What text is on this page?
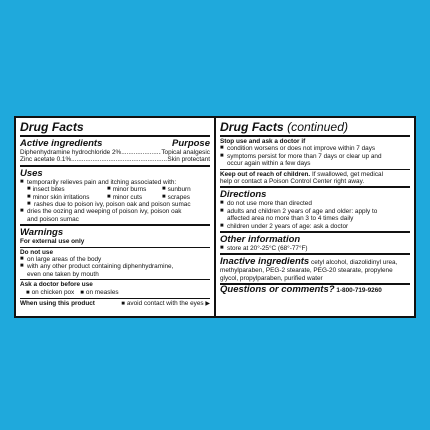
Drug Facts
Active ingredients	Purpose
Diphenhydramine hydrochloride 2% .....	Topical analgesic
Zinc acetate 0.1% .....	Skin protectant
Uses
■ temporarily relieves pain and itching associated with:
■ insect bites	■ minor burns	■ sunburn
■ minor skin irritations	■ minor cuts	■ scrapes
■ rashes due to poison ivy, poison oak and poison sumac
■ dries the oozing and weeping of poison ivy, poison oak
and poison sumac
Warnings
For external use only
Do not use
■ on large areas of the body
■ with any other product containing diphenhydramine,
even one taken by mouth
Ask a doctor before use
■ on chicken pox ■ on measles
When using this product	■ avoid contact with the eyes ▶
Drug Facts (continued)
Stop use and ask a doctor if
■ condition worsens or does not improve within 7 days
■ symptoms persist for more than 7 days or clear up and
occur again within a few days
Keep out of reach of children. If swallowed, get medical
help or contact a Poison Control Center right away.
Directions
■ do not use more than directed
■ adults and children 2 years of age and older: apply to
affected area no more than 3 to 4 times daily
■ children under 2 years of age: ask a doctor
Other information
■ store at 20°-25°C (68°-77°F)
Inactive ingredients cetyl alcohol, diazolidinyl urea,
methylparaben, PEG-2 stearate, PEG-20 stearate, propylene
glycol, propylparaben, purified water
Questions or comments? 1-800-719-9260
